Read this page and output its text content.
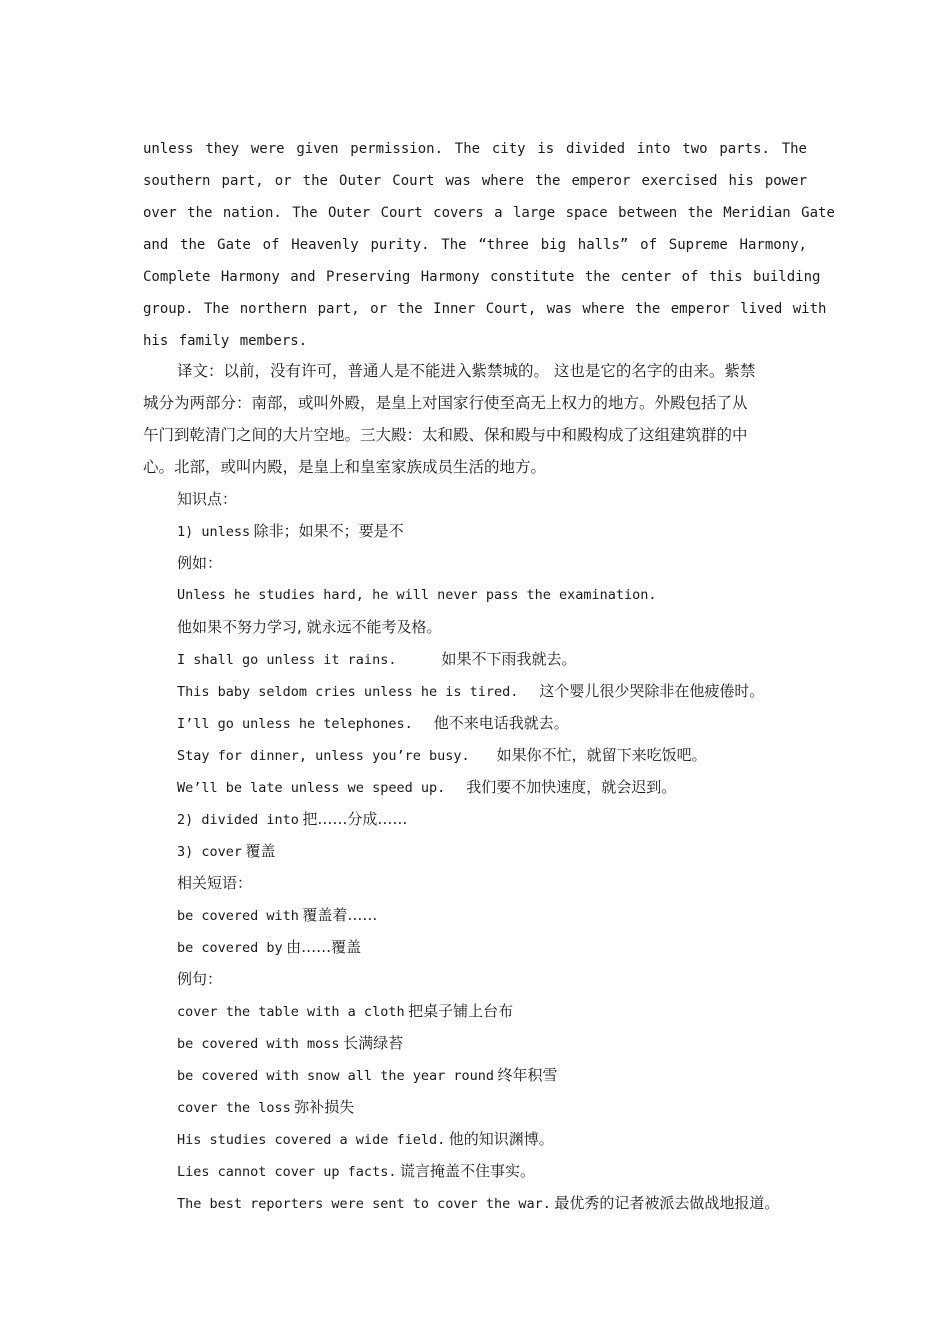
unless they were given permission. The city is divided into two parts. The
southern part, or the Outer Court was where the emperor exercised his power
over the nation. The Outer Court covers a large space between the Meridian Gate
and the Gate of Heavenly purity. The “three big halls” of Supreme Harmony,
Complete Harmony and Preserving Harmony constitute the center of this building
group. The northern part, or the Inner Court, was where the emperor lived with
his family members.
译文：以前，没有许可，普通人是不能进入紫禁城的。 这也是它的名字的由来。紫禁
城分为两部分：南部，或叫外殿，是皇上对国家行使至高无上权力的地方。外殿包括了从
午门到乾清门之间的大片空地。三大殿：太和殿、保和殿与中和殿构成了这组建筑群的中
心。北部，或叫内殿，是皇上和皇室家族成员生活的地方。
知识点：
1) unless 除非；如果不；要是不
例如：
Unless he studies hard, he will never pass the examination.
他如果不努力学习, 就永远不能考及格。
I shall go unless it rains.	如果不下雨我就去。
This baby seldom cries unless he is tired. 这个婴儿很少哭除非在他疲倦时。
I’ll go unless he telephones. 他不来电话我就去。
Stay for dinner, unless you’re busy. 如果你不忙，就留下来吃饭吧。
We’ll be late unless we speed up. 我们要不加快速度，就会迟到。
2) divided into 把……分成……
3) cover 覆盖
相关短语：
be covered with 覆盖着……
be covered by 由……覆盖
例句：
cover the table with a cloth 把桌子铺上台布
be covered with moss 长满绿苔
be covered with snow all the year round 终年积雪
cover the loss 弥补损失
His studies covered a wide field. 他的知识渊博。
Lies cannot cover up facts. 谎言掩盖不住事实。
The best reporters were sent to cover the war. 最优秀的记者被派去做战地报道。
